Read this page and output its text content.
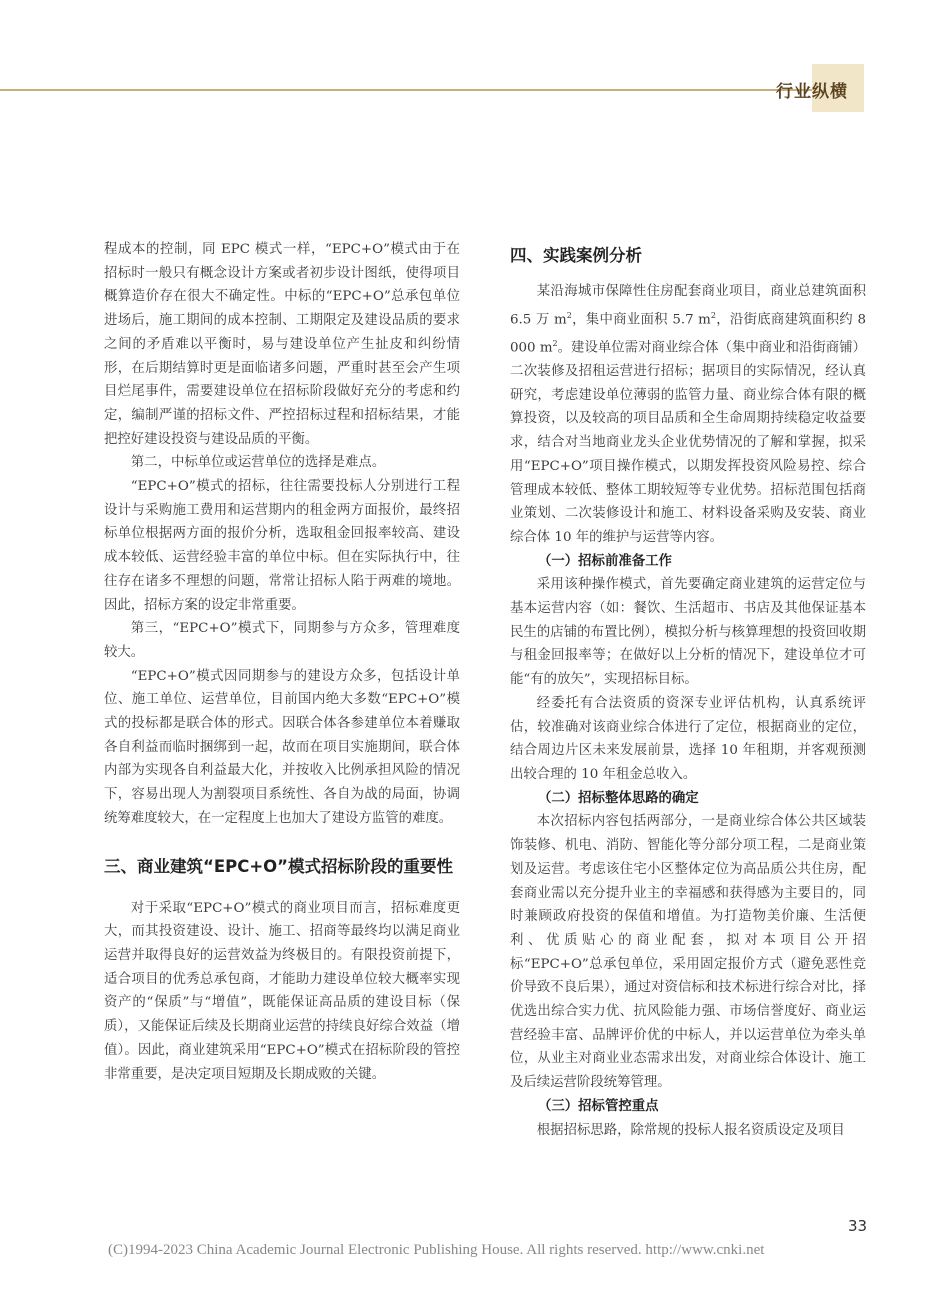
行业纵横

程成本的控制，同 EPC 模式一样，“EPC+O”模式由于在招标时一般只有概念设计方案或者初步设计图纸，使得项目概算造价存在很大不确定性。中标的“EPC+O”总承包单位进场后，施工期间的成本控制、工期限定及建设品质的要求之间的矛盾难以平衡时，易与建设单位产生扯皮和纠纷情形，在后期结算时更是面临诸多问题，严重时甚至会产生项目烂尾事件，需要建设单位在招标阶段做好充分的考虑和约定，编制严谨的招标文件、严控招标过程和招标结果，才能把控好建设投资与建设品质的平衡。

第二，中标单位或运营单位的选择是难点。

“EPC+O”模式的招标，往往需要投标人分别进行工程设计与采购施工费用和运营期内的租金两方面报价，最终招标单位根据两方面的报价分析，选取租金回报率较高、建设成本较低、运营经验丰富的单位中标。但在实际执行中，往往存在诸多不理想的问题，常常让招标人陷于两难的境地。因此，招标方案的设定非常重要。

第三，“EPC+O”模式下，同期参与方众多，管理难度较大。

“EPC+O”模式因同期参与的建设方众多，包括设计单位、施工单位、运营单位，目前国内绝大多数“EPC+O”模式的投标都是联合体的形式。因联合体各参建单位本着赚取各自利益而临时捆绑到一起，故而在项目实施期间，联合体内部为实现各自利益最大化，并按收入比例承担风险的情况下，容易出现人为割裂项目系统性、各自为战的局面，协调统筹难度较大，在一定程度上也加大了建设方监管的难度。

三、商业建筑“EPC+O”模式招标阶段的重要性

对于采取“EPC+O”模式的商业项目而言，招标难度更大，而其投资建设、设计、施工、招商等最终均以满足商业运营并取得良好的运营效益为终极目的。有限投资前提下，适合项目的优秀总承包商，才能助力建设单位较大概率实现资产的“保质”与“增值”，既能保证高品质的建设目标（保质），又能保证后续及长期商业运营的持续良好综合效益（增值）。因此，商业建筑采用“EPC+O”模式在招标阶段的管控非常重要，是决定项目短期及长期成败的关键。

四、实践案例分析

某沿海城市保障性住房配套商业项目，商业总建筑面积 6.5 万 $m^2$，集中商业面积 5.7 $m^2$，沿街底商建筑面积约 8 000 $m^2$。建设单位需对商业综合体（集中商业和沿街商铺）二次装修及招租运营进行招标；据项目的实际情况，经认真研究，考虑建设单位薄弱的监管力量、商业综合体有限的概算投资，以及较高的项目品质和全生命周期持续稳定收益要求，结合对当地商业龙头企业优势情况的了解和掌握，拟采用“EPC+O”项目操作模式，以期发挥投资风险易控、综合管理成本较低、整体工期较短等专业优势。招标范围包括商业策划、二次装修设计和施工、材料设备采购及安装、商业综合体 10 年的维护与运营等内容。

（一）招标前准备工作

采用该种操作模式，首先要确定商业建筑的运营定位与基本运营内容（如：餐饮、生活超市、书店及其他保证基本民生的店铺的布置比例），模拟分析与核算理想的投资回收期与租金回报率等；在做好以上分析的情况下，建设单位才可能“有的放矢”，实现招标目标。

经委托有合法资质的资深专业评估机构，认真系统评估，较准确对该商业综合体进行了定位，根据商业的定位，结合周边片区未来发展前景，选择 10 年租期，并客观预测出较合理的 10 年租金总收入。

（二）招标整体思路的确定

本次招标内容包括两部分，一是商业综合体公共区域装饰装修、机电、消防、智能化等分部分项工程，二是商业策划及运营。考虑该住宅小区整体定位为高品质公共住房，配套商业需以充分提升业主的幸福感和获得感为主要目的，同时兼顾政府投资的保值和增值。为打造物美价廉、生活便利、优质贴心的商业配套，拟对本项目公开招标“EPC+O”总承包单位，采用固定报价方式（避免恶性竞价导致不良后果），通过对资信标和技术标进行综合对比，择优选出综合实力优、抗风险能力强、市场信誉度好、商业运营经验丰富、品牌评价优的中标人，并以运营单位为牵头单位，从业主对商业业态需求出发，对商业综合体设计、施工及后续运营阶段统筹管理。

（三）招标管控重点

根据招标思路，除常规的投标人报名资质设定及项目

33
(C)1994-2023 China Academic Journal Electronic Publishing House. All rights reserved. http://www.cnki.net
